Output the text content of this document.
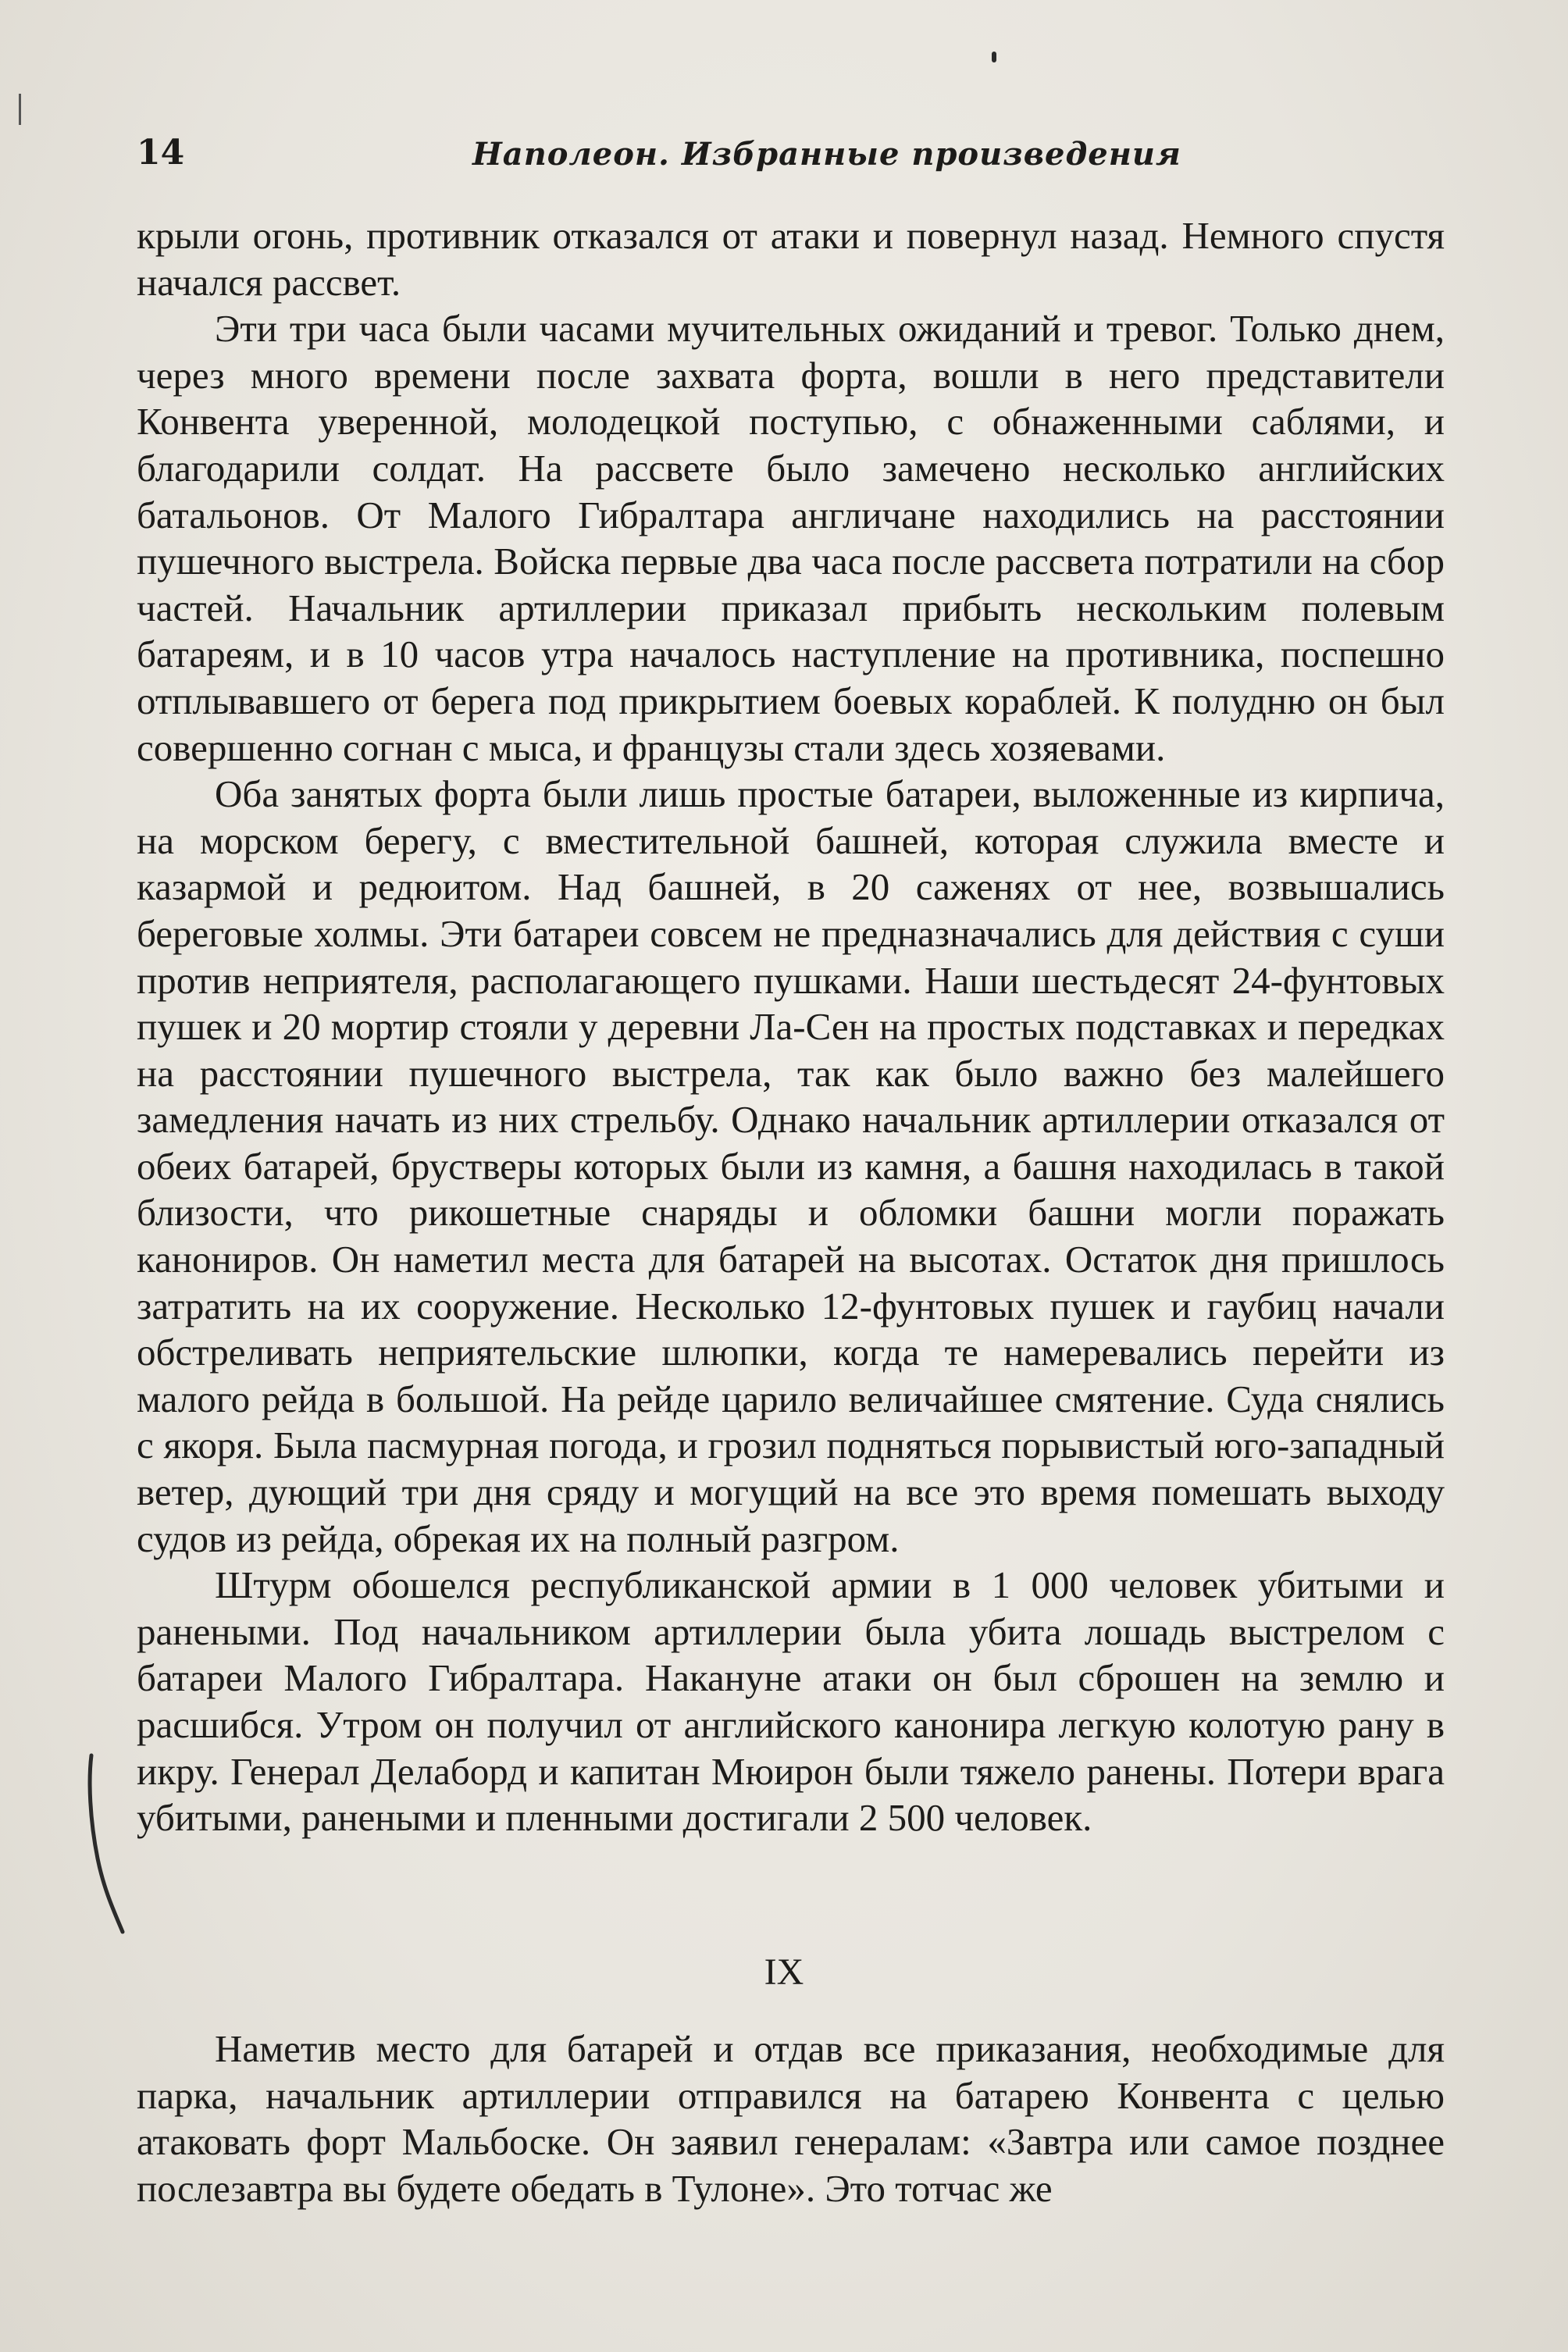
14	Наполеон. Избранные произведения

крыли огонь, противник отказался от атаки и повернул назад. Немного спустя начался рассвет.

Эти три часа были часами мучительных ожиданий и тревог. Только днем, через много времени после захвата форта, вошли в него представители Конвента уверенной, молодецкой поступью, с обнаженными саблями, и благодарили солдат. На рассвете было замечено несколько английских батальонов. От Малого Гибралтара англичане находились на расстоянии пушечного выстрела. Войска первые два часа после рассвета потратили на сбор частей. Начальник артиллерии приказал прибыть нескольким полевым батареям, и в 10 часов утра началось наступление на противника, поспешно отплывавшего от берега под прикрытием боевых кораблей. К полудню он был совершенно согнан с мыса, и французы стали здесь хозяевами.

Оба занятых форта были лишь простые батареи, выложенные из кирпича, на морском берегу, с вместительной башней, которая служила вместе и казармой и редюитом. Над башней, в 20 саженях от нее, возвышались береговые холмы. Эти батареи совсем не предназначались для действия с суши против неприятеля, располагающего пушками. Наши шестьдесят 24-фунтовых пушек и 20 мортир стояли у деревни Ла-Сен на простых подставках и передках на расстоянии пушечного выстрела, так как было важно без малейшего замедления начать из них стрельбу. Однако начальник артиллерии отказался от обеих батарей, брустверы которых были из камня, а башня находилась в такой близости, что рикошетные снаряды и обломки башни могли поражать канониров. Он наметил места для батарей на высотах. Остаток дня пришлось затратить на их сооружение. Несколько 12-фунтовых пушек и гаубиц начали обстреливать неприятельские шлюпки, когда те намеревались перейти из малого рейда в большой. На рейде царило величайшее смятение. Суда снялись с якоря. Была пасмурная погода, и грозил подняться порывистый юго-западный ветер, дующий три дня сряду и могущий на все это время помешать выходу судов из рейда, обрекая их на полный разгром.

Штурм обошелся республиканской армии в 1 000 человек убитыми и ранеными. Под начальником артиллерии была убита лошадь выстрелом с батареи Малого Гибралтара. Накануне атаки он был сброшен на землю и расшибся. Утром он получил от английского канонира легкую колотую рану в икру. Генерал Делаборд и капитан Мюирон были тяжело ранены. Потери врага убитыми, ранеными и пленными достигали 2 500 человек.

IX

Наметив место для батарей и отдав все приказания, необходимые для парка, начальник артиллерии отправился на батарею Конвента с целью атаковать форт Мальбоске. Он заявил генералам: «Завтра или самое позднее послезавтра вы будете обедать в Тулоне». Это тотчас же
